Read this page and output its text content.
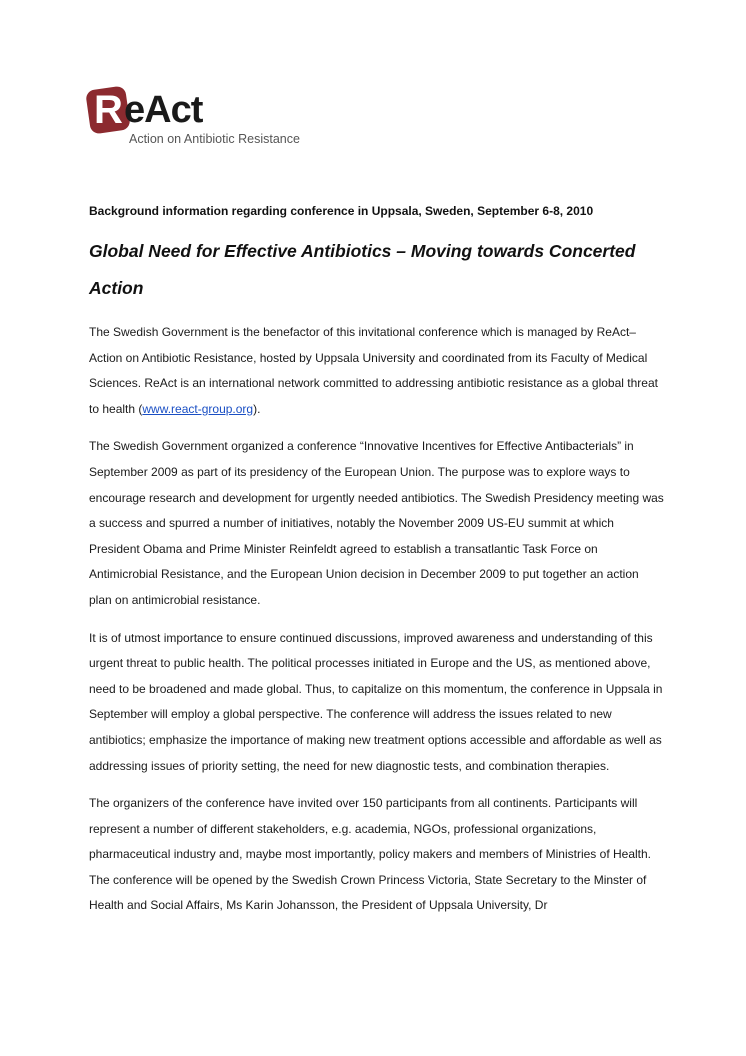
R eAct
Action on Antibiotic Resistance
Background information regarding conference in Uppsala, Sweden, September 6-8, 2010
Global Need for Effective Antibiotics – Moving towards Concerted Action

The Swedish Government is the benefactor of this invitational conference which is managed by ReAct– Action on Antibiotic Resistance, hosted by Uppsala University and coordinated from its Faculty of Medical Sciences. ReAct is an international network committed to addressing antibiotic resistance as a global threat to health (www.react-group.org).

The Swedish Government organized a conference “Innovative Incentives for Effective Antibacterials” in September 2009 as part of its presidency of the European Union. The purpose was to explore ways to encourage research and development for urgently needed antibiotics. The Swedish Presidency meeting was a success and spurred a number of initiatives, notably the November 2009 US-EU summit at which President Obama and Prime Minister Reinfeldt agreed to establish a transatlantic Task Force on Antimicrobial Resistance, and the European Union decision in December 2009 to put together an action plan on antimicrobial resistance.

It is of utmost importance to ensure continued discussions, improved awareness and understanding of this urgent threat to public health. The political processes initiated in Europe and the US, as mentioned above, need to be broadened and made global. Thus, to capitalize on this momentum, the conference in Uppsala in September will employ a global perspective. The conference will address the issues related to new antibiotics; emphasize the importance of making new treatment options accessible and affordable as well as addressing issues of priority setting, the need for new diagnostic tests, and combination therapies.

The organizers of the conference have invited over 150 participants from all continents. Participants will represent a number of different stakeholders, e.g. academia, NGOs, professional organizations, pharmaceutical industry and, maybe most importantly, policy makers and members of Ministries of Health. The conference will be opened by the Swedish Crown Princess Victoria, State Secretary to the Minster of Health and Social Affairs, Ms Karin Johansson, the President of Uppsala University, Dr
